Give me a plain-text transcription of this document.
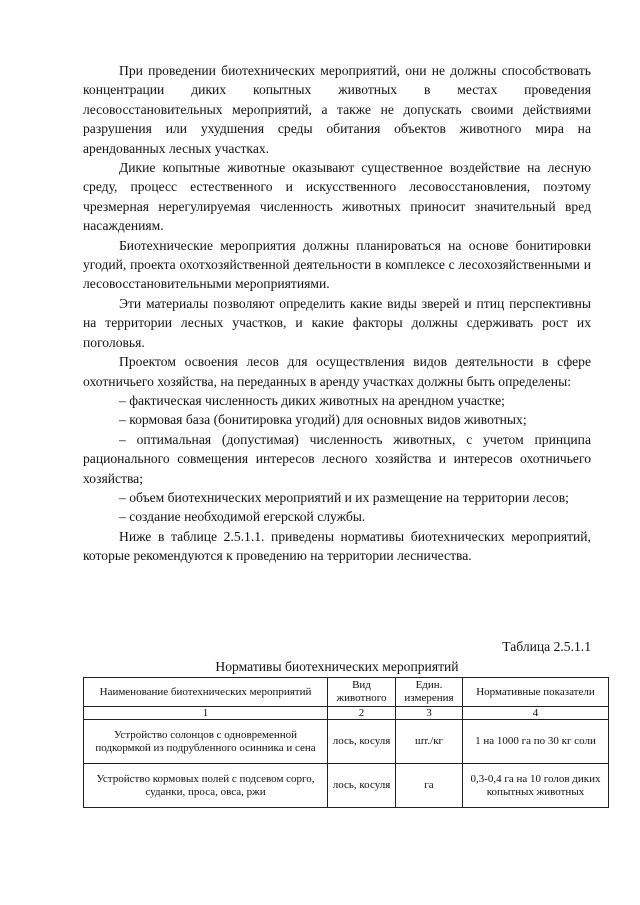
При проведении биотехнических мероприятий, они не должны способствовать концентрации диких копытных животных в местах проведения лесовосстановительных мероприятий, а также не допускать своими действиями разрушения или ухудшения среды обитания объектов животного мира на арендованных лесных участках.

Дикие копытные животные оказывают существенное воздействие на лесную среду, процесс естественного и искусственного лесовосстановления, поэтому чрезмерная нерегулируемая численность животных приносит значительный вред насаждениям.

Биотехнические мероприятия должны планироваться на основе бонитировки угодий, проекта охотхозяйственной деятельности в комплексе с лесохозяйственными и лесовосстановительными мероприятиями.

Эти материалы позволяют определить какие виды зверей и птиц перспективны на территории лесных участков, и какие факторы должны сдерживать рост их поголовья.

Проектом освоения лесов для осуществления видов деятельности в сфере охотничьего хозяйства, на переданных в аренду участках должны быть определены:

– фактическая численность диких животных на арендном участке;

– кормовая база (бонитировка угодий) для основных видов животных;

– оптимальная (допустимая) численность животных, с учетом принципа рационального совмещения интересов лесного хозяйства и интересов охотничьего хозяйства;

– объем биотехнических мероприятий и их размещение на территории лесов;

– создание необходимой егерской службы.

Ниже в таблице 2.5.1.1. приведены нормативы биотехнических мероприятий, которые рекомендуются к проведению на территории лесничества.

Таблица 2.5.1.1
Нормативы биотехнических мероприятий
Наименование биотехнических мероприятий	Вид животного	Един. измерения	Нормативные показатели
1	2	3	4
Устройство солонцов с одновременной подкормкой из подрубленного осинника и сена	лось, косуля	шт./кг	1 на 1000 га по 30 кг соли
Устройство кормовых полей с подсевом сорго, суданки, проса, овса, ржи	лось, косуля	га	0,3-0,4 га на 10 голов диких копытных животных
